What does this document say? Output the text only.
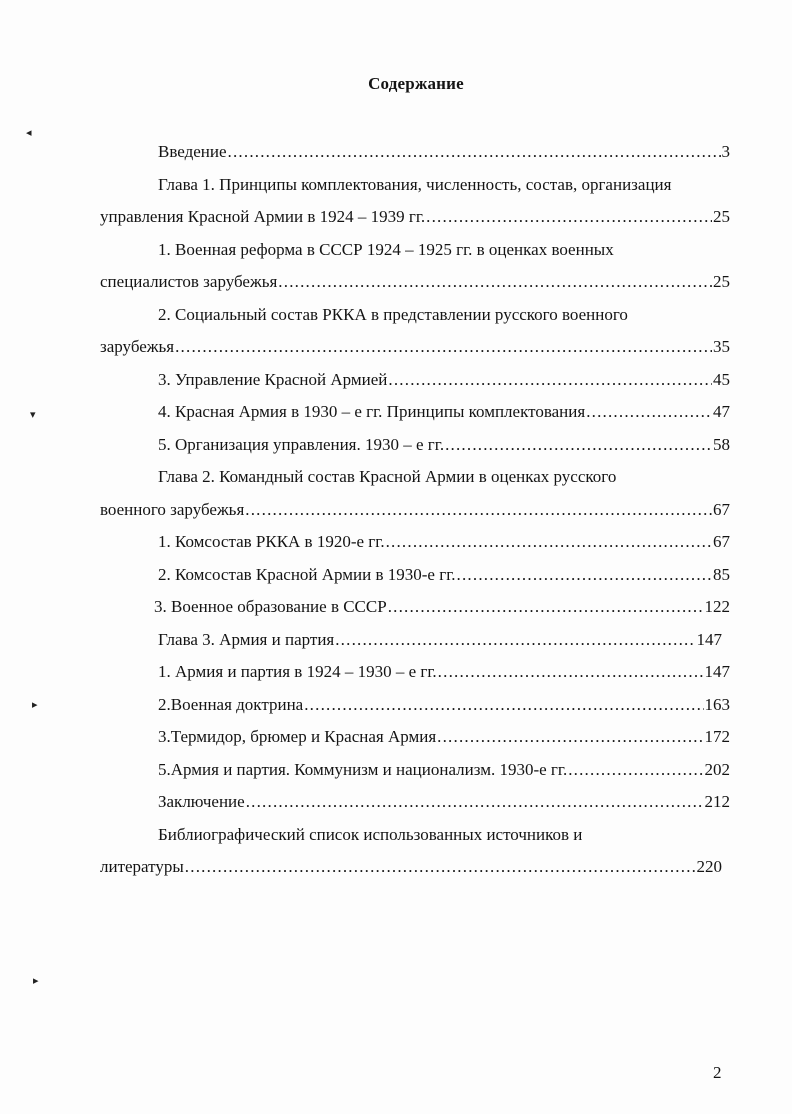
Содержание
Введение .....	3
Глава 1. Принципы комплектования, численность, состав, организация
управления Красной Армии в 1924 – 1939 гг. .....	25
1. Военная реформа в СССР 1924 – 1925 гг. в оценках военных
специалистов зарубежья .....	25
2. Социальный состав РККА в представлении русского военного
зарубежья .....	35
3. Управление Красной Армией .....	45
4. Красная Армия в 1930 – е гг. Принципы комплектования .....	47
5. Организация управления. 1930 – е гг. .....	58
Глава 2. Командный состав Красной Армии в оценках русского
военного зарубежья .....	67
1. Комсостав РККА в 1920-е гг. .....	67
2. Комсостав Красной Армии в 1930-е гг. .....	85
3. Военное образование в СССР .....	122
Глава 3. Армия и партия .....	147
1. Армия и партия в 1924 – 1930 – е гг. .....	147
2.Военная доктрина .....	163
3.Термидор, брюмер и Красная Армия .....	172
5.Армия и партия. Коммунизм и национализм. 1930-е гг. .....	202
Заключение .....	212
Библиографический список использованных источников и
литературы .....	220
2
◂
▾
▸
▸
